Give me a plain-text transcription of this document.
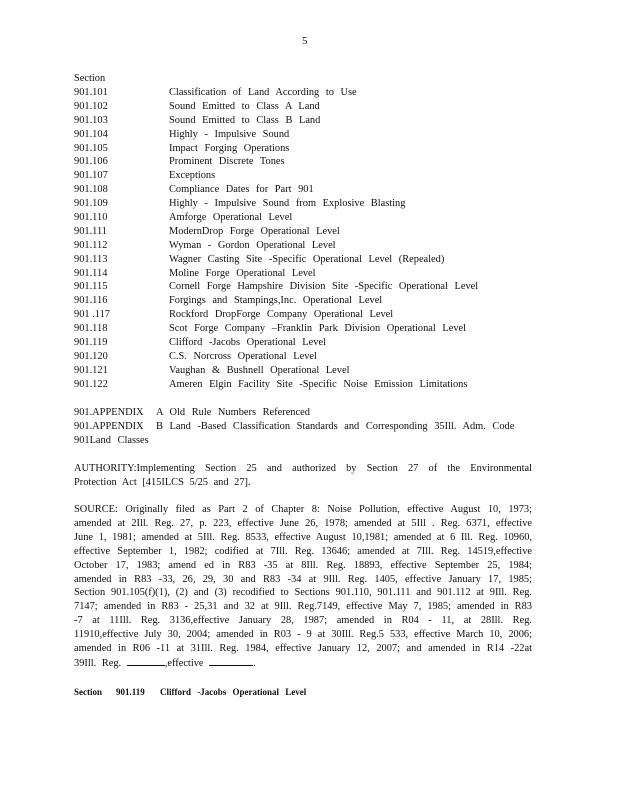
5
Section
901.101	Classification of Land According to Use
901.102	Sound Emitted to Class A Land
901.103	Sound Emitted to Class B Land
901.104	Highly - Impulsive Sound
901.105	Impact Forging Operations
901.106	Prominent Discrete Tones
901.107	Exceptions
901.108	Compliance Dates for Part 901
901.109	Highly - Impulsive Sound from Explosive Blasting
901.110	Amforge Operational Level
901.111	ModernDrop Forge Operational Level
901.112	Wyman - Gordon Operational Level
901.113	Wagner Casting Site -Specific Operational Level (Repealed)
901.114	Moline Forge Operational Level
901.115	Cornell Forge Hampshire Division Site -Specific Operational Level
901.116	Forgings and Stampings,Inc. Operational Level
901 .117	Rockford DropForge Company Operational Level
901.118	Scot Forge Company –Franklin Park Division Operational Level
901.119	Clifford -Jacobs Operational Level
901.120	C.S. Norcross Operational Level
901.121	Vaughan & Bushnell Operational Level
901.122	Ameren Elgin Facility Site -Specific Noise Emission Limitations
901.APPENDIX A Old Rule Numbers Referenced
901.APPENDIX B Land -Based Classification Standards and Corresponding 35Ill. Adm. Code
901Land Classes
AUTHORITY:Implementing Section 25 and authorized by Section 27 of the Environmental Protection Act [415ILCS 5/25 and 27].
SOURCE: Originally filed as Part 2 of Chapter 8: Noise Pollution, effective August 10, 1973; amended at 2Ill. Reg. 27, p. 223, effective June 26, 1978; amended at 5Ill . Reg. 6371, effective June 1, 1981; amended at 5Ill. Reg. 8533, effective August 10,1981; amended at 6 Ill. Reg. 10960, effective September 1, 1982; codified at 7Ill. Reg. 13646; amended at 7Ill. Reg. 14519,effective October 17, 1983; amend ed in R83 -35 at 8Ill. Reg. 18893, effective September 25, 1984; amended in R83 -33, 26, 29, 30 and R83 -34 at 9Ill. Reg. 1405, effective January 17, 1985; Section 901.105(f)(1), (2) and (3) recodified to Sections 901.110, 901.111 and 901.112 at 9Ill. Reg. 7147; amended in R83 - 25,31 and 32 at 9Ill. Reg.7149, effective May 7, 1985; amended in R83 -7 at 11Ill. Reg. 3136,effective January 28, 1987; amended in R04 - 11, at 28Ill. Reg. 11910,effective July 30, 2004; amended in R03 - 9 at 30Ill. Reg.5 533, effective March 10, 2006; amended in R06 -11 at 31Ill. Reg. 1984, effective January 12, 2007; and amended in R14 -22at 39Ill. Reg.	,effective	.
Section 901.119 Clifford -Jacobs Operational Level
